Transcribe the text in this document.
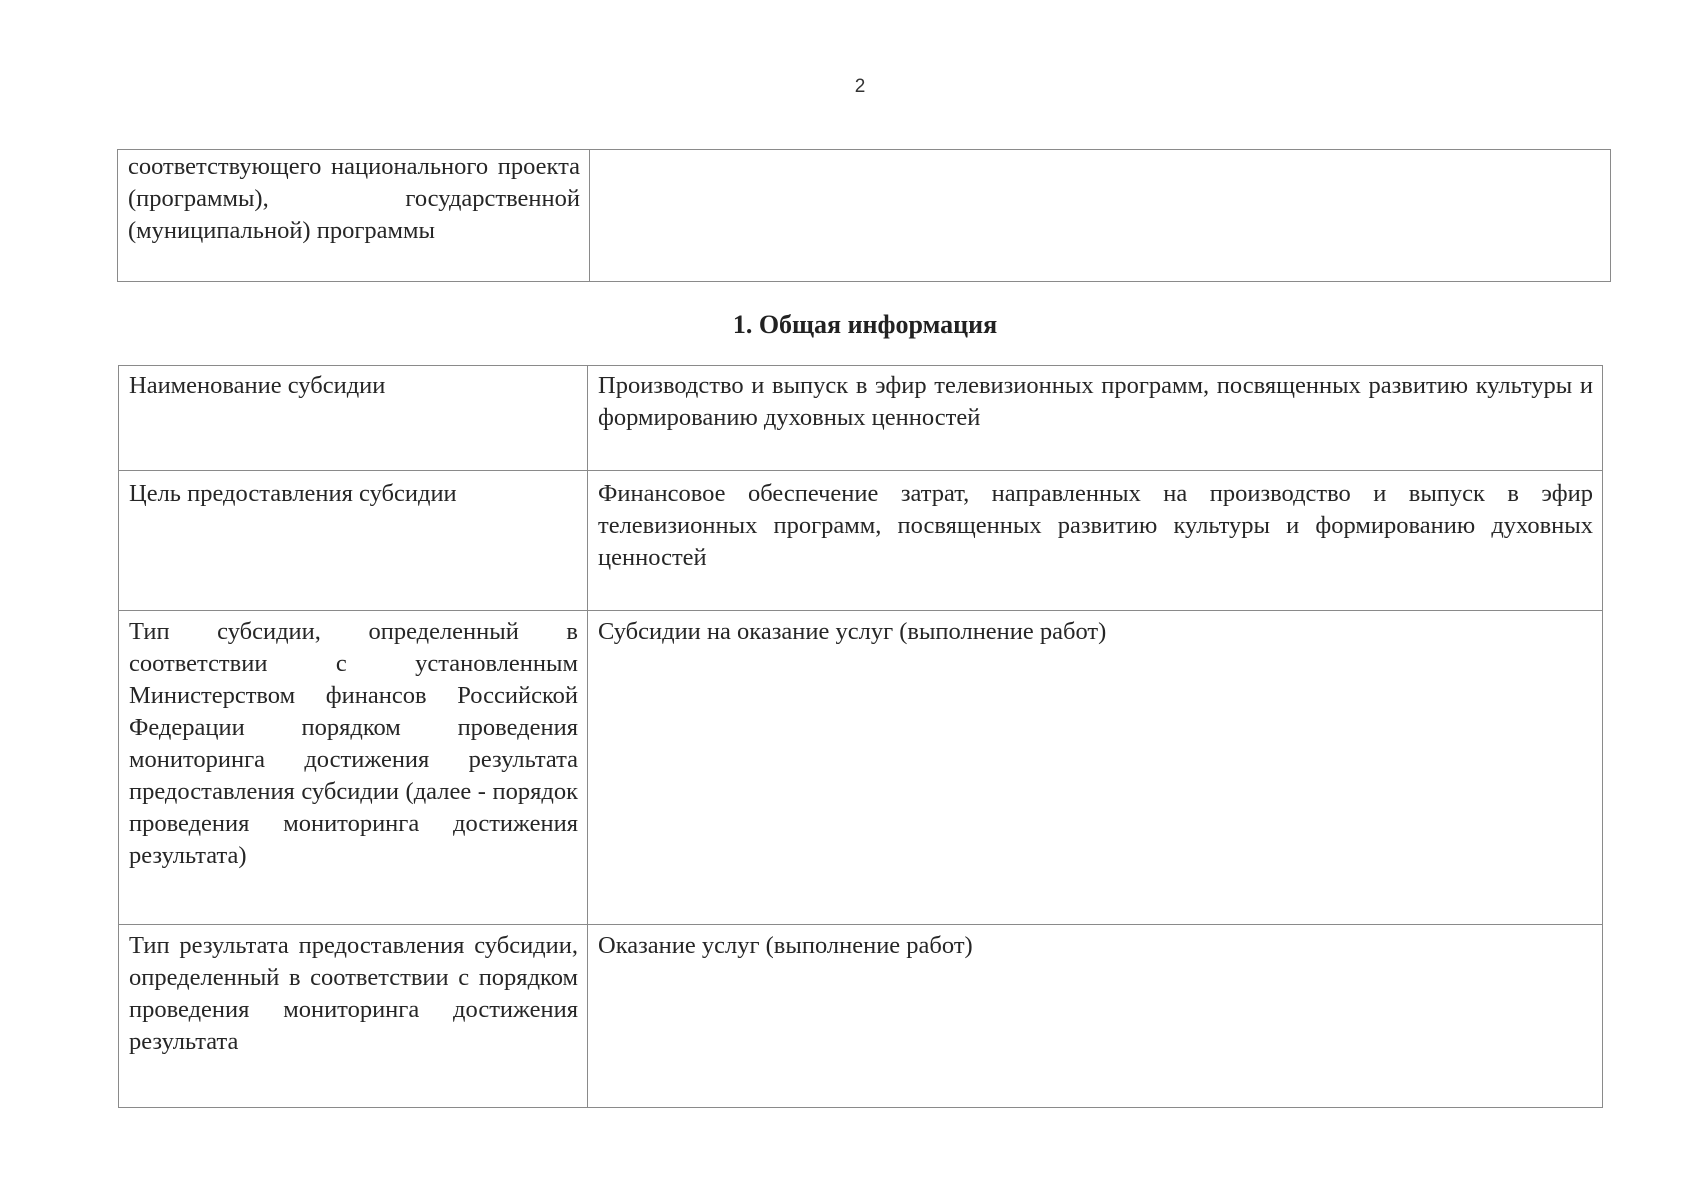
2
соответствующего национального проекта (программы), государственной (муниципальной) программы	
1. Общая информация
Наименование субсидии	Производство и выпуск в эфир телевизионных программ, посвященных развитию культуры и формированию духовных ценностей
Цель предоставления субсидии	Финансовое обеспечение затрат, направленных на производство и выпуск в эфир телевизионных программ, посвященных развитию культуры и формированию духовных ценностей
Тип субсидии, определенный в соответствии с установленным Министерством финансов Российской Федерации порядком проведения мониторинга достижения результата предоставления субсидии (далее - порядок проведения мониторинга достижения результата)	Субсидии на оказание услуг (выполнение работ)
Тип результата предоставления субсидии, определенный в соответствии с порядком проведения мониторинга достижения результата	Оказание услуг (выполнение работ)
